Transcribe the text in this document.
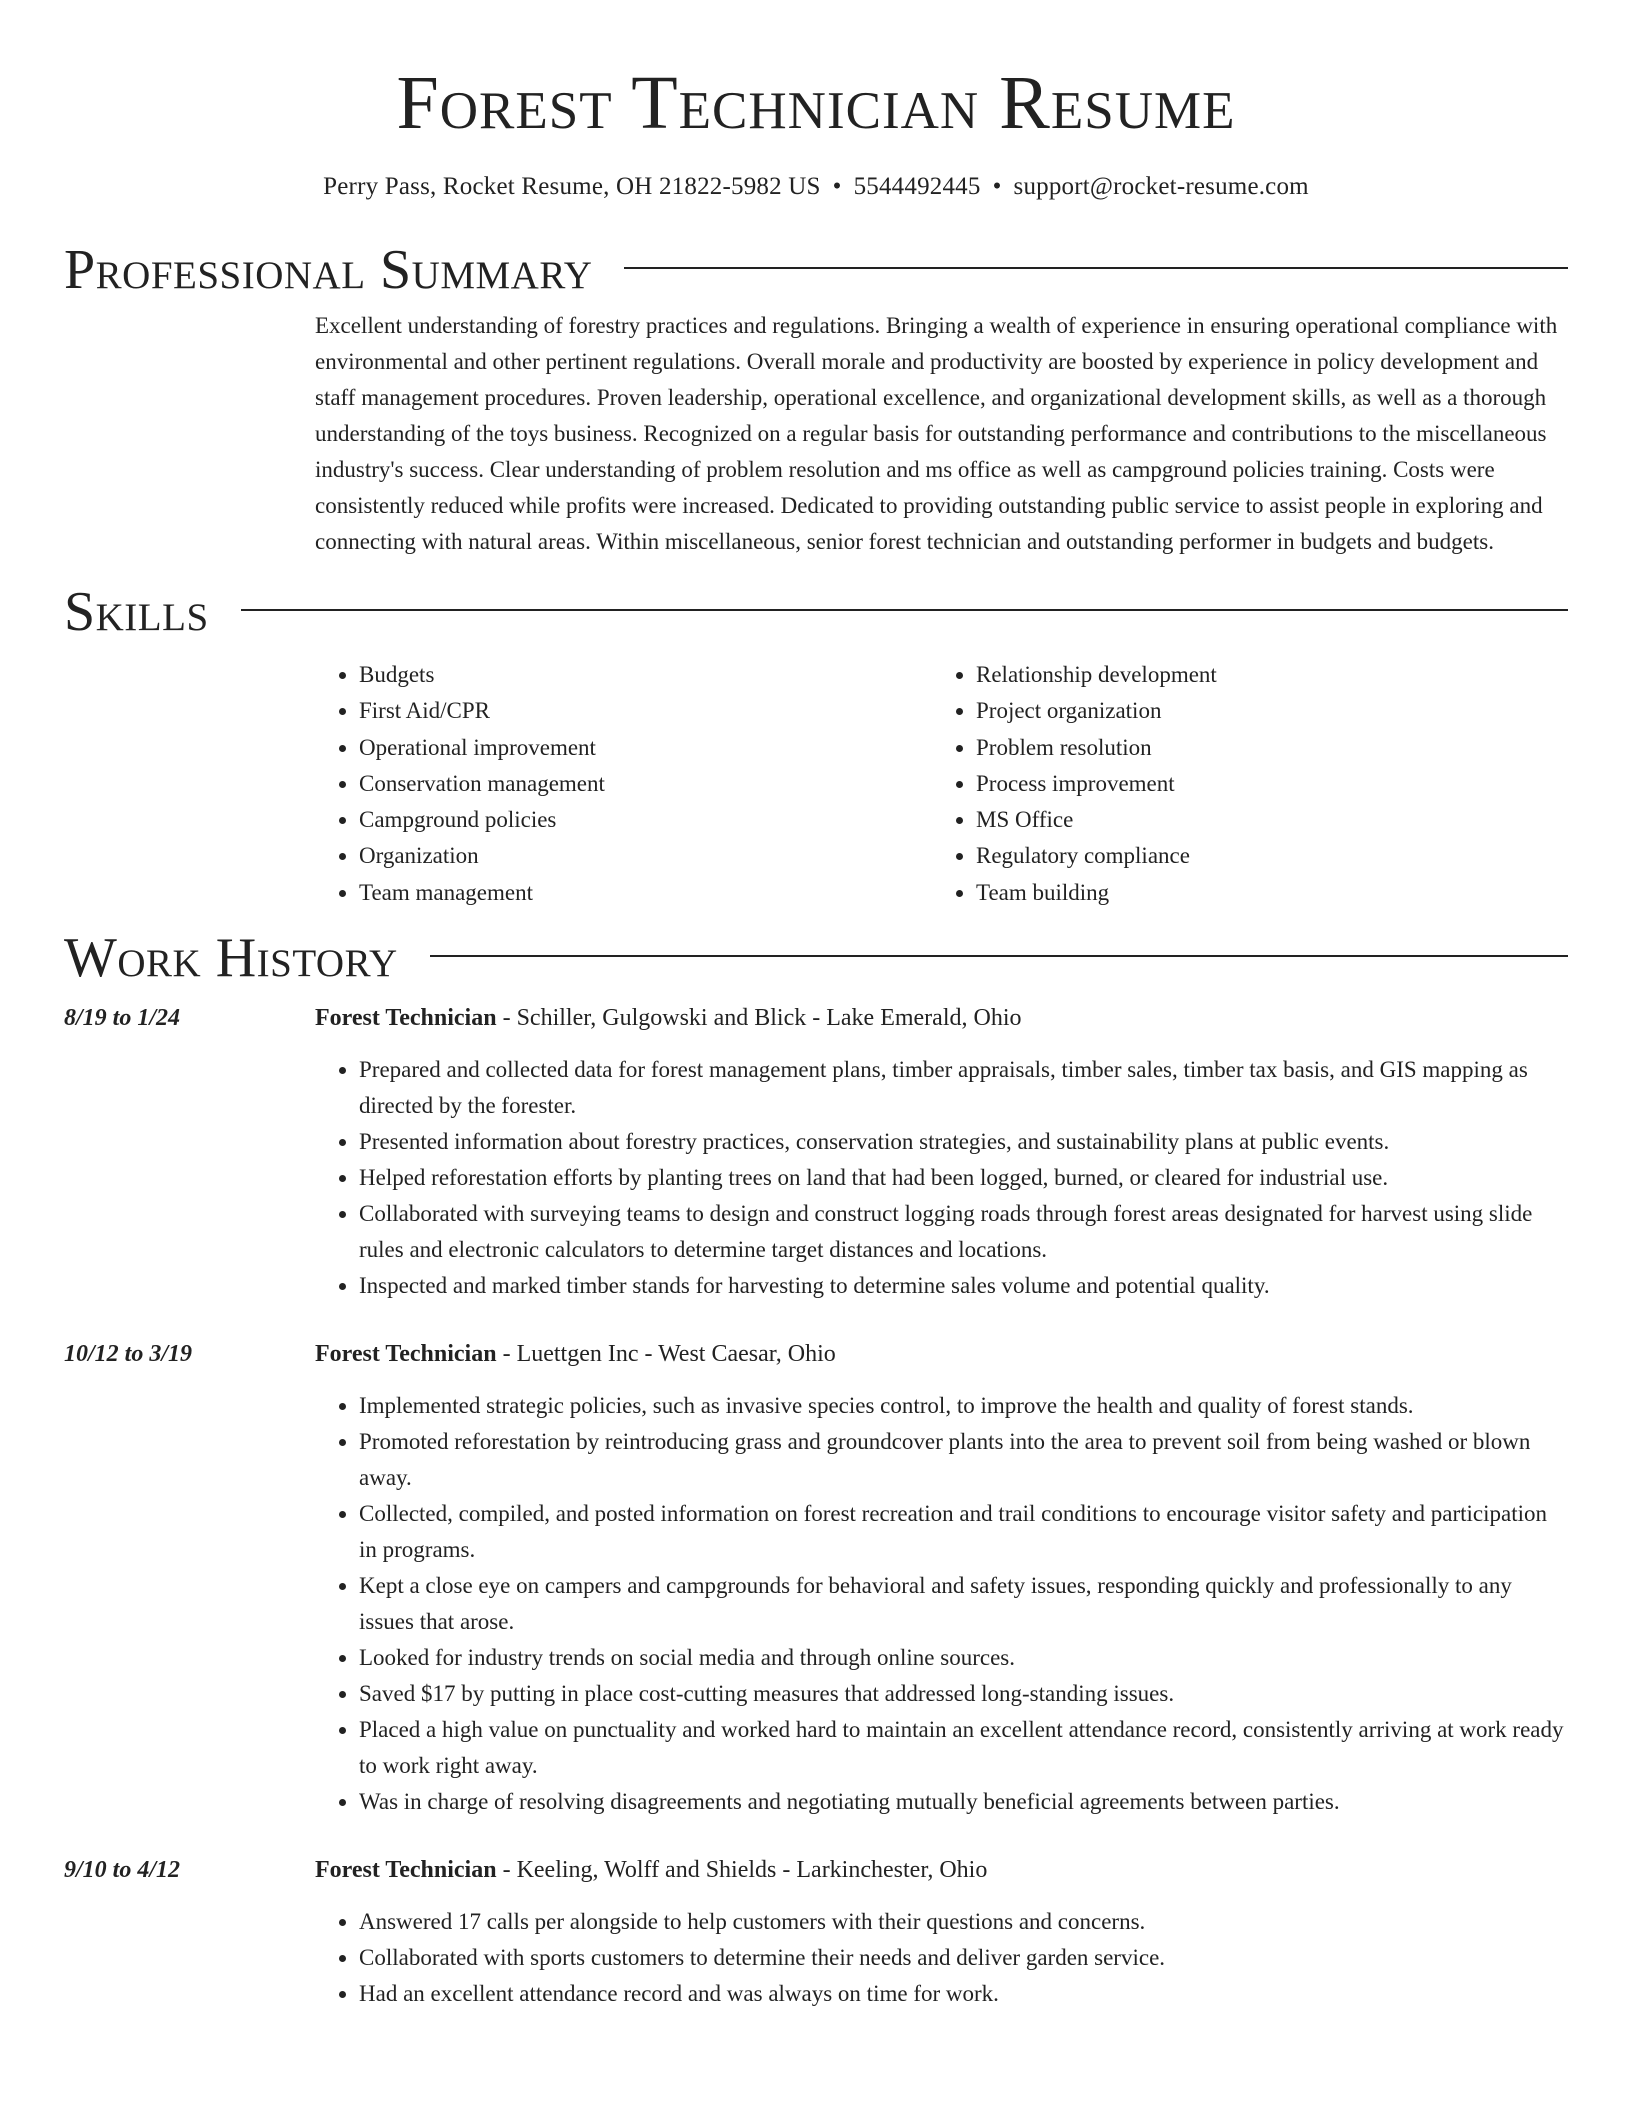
Forest Technician Resume
Perry Pass, Rocket Resume, OH 21822-5982 US • 5544492445 • support@rocket-resume.com
Professional Summary

Excellent understanding of forestry practices and regulations. Bringing a wealth of experience in ensuring operational compliance with environmental and other pertinent regulations. Overall morale and productivity are boosted by experience in policy development and staff management procedures. Proven leadership, operational excellence, and organizational development skills, as well as a thorough understanding of the toys business. Recognized on a regular basis for outstanding performance and contributions to the miscellaneous industry's success. Clear understanding of problem resolution and ms office as well as campground policies training. Costs were consistently reduced while profits were increased. Dedicated to providing outstanding public service to assist people in exploring and connecting with natural areas. Within miscellaneous, senior forest technician and outstanding performer in budgets and budgets.

Skills
• Budgets
• First Aid/CPR
• Operational improvement
• Conservation management
• Campground policies
• Organization
• Team management
• Relationship development
• Project organization
• Problem resolution
• Process improvement
• MS Office
• Regulatory compliance
• Team building
Work History
8/19 to 1/24	Forest Technician - Schiller, Gulgowski and Blick - Lake Emerald, Ohio

• Prepared and collected data for forest management plans, timber appraisals, timber sales, timber tax basis, and GIS mapping as directed by the forester.
• Presented information about forestry practices, conservation strategies, and sustainability plans at public events.
• Helped reforestation efforts by planting trees on land that had been logged, burned, or cleared for industrial use.
• Collaborated with surveying teams to design and construct logging roads through forest areas designated for harvest using slide rules and electronic calculators to determine target distances and locations.
• Inspected and marked timber stands for harvesting to determine sales volume and potential quality.
10/12 to 3/19	Forest Technician - Luettgen Inc - West Caesar, Ohio

• Implemented strategic policies, such as invasive species control, to improve the health and quality of forest stands.
• Promoted reforestation by reintroducing grass and groundcover plants into the area to prevent soil from being washed or blown away.
• Collected, compiled, and posted information on forest recreation and trail conditions to encourage visitor safety and participation in programs.
• Kept a close eye on campers and campgrounds for behavioral and safety issues, responding quickly and professionally to any issues that arose.
• Looked for industry trends on social media and through online sources.
• Saved $17 by putting in place cost-cutting measures that addressed long-standing issues.
• Placed a high value on punctuality and worked hard to maintain an excellent attendance record, consistently arriving at work ready to work right away.
• Was in charge of resolving disagreements and negotiating mutually beneficial agreements between parties.
9/10 to 4/12	Forest Technician - Keeling, Wolff and Shields - Larkinchester, Ohio

• Answered 17 calls per alongside to help customers with their questions and concerns.
• Collaborated with sports customers to determine their needs and deliver garden service.
• Had an excellent attendance record and was always on time for work.
